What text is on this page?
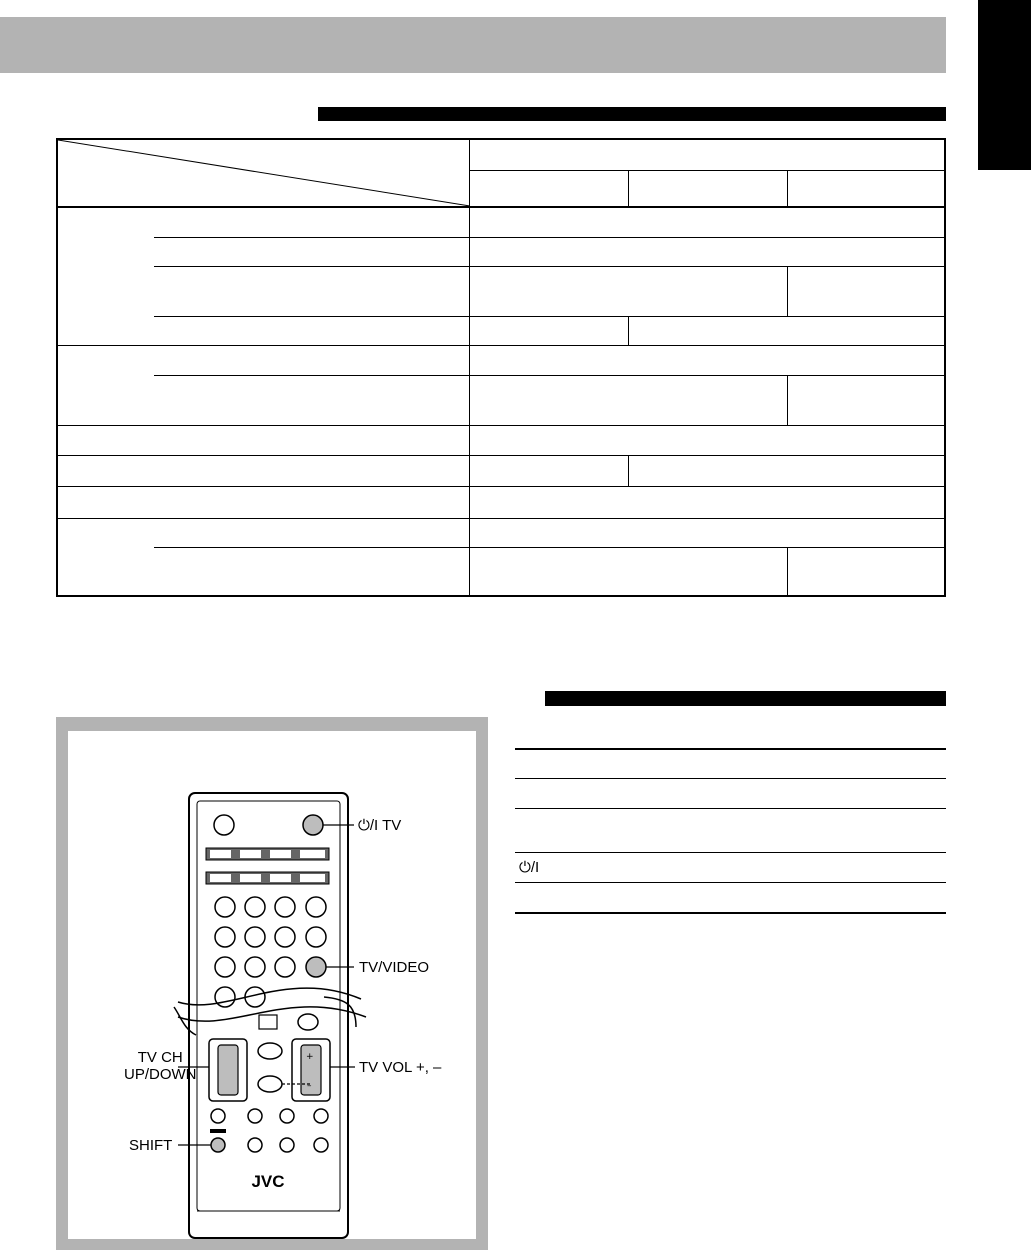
⏻/I
+
–
JVC
⏻/I TV
TV/VIDEO
TV CH
UP/DOWN	TV VOL +, –
SHIFT
